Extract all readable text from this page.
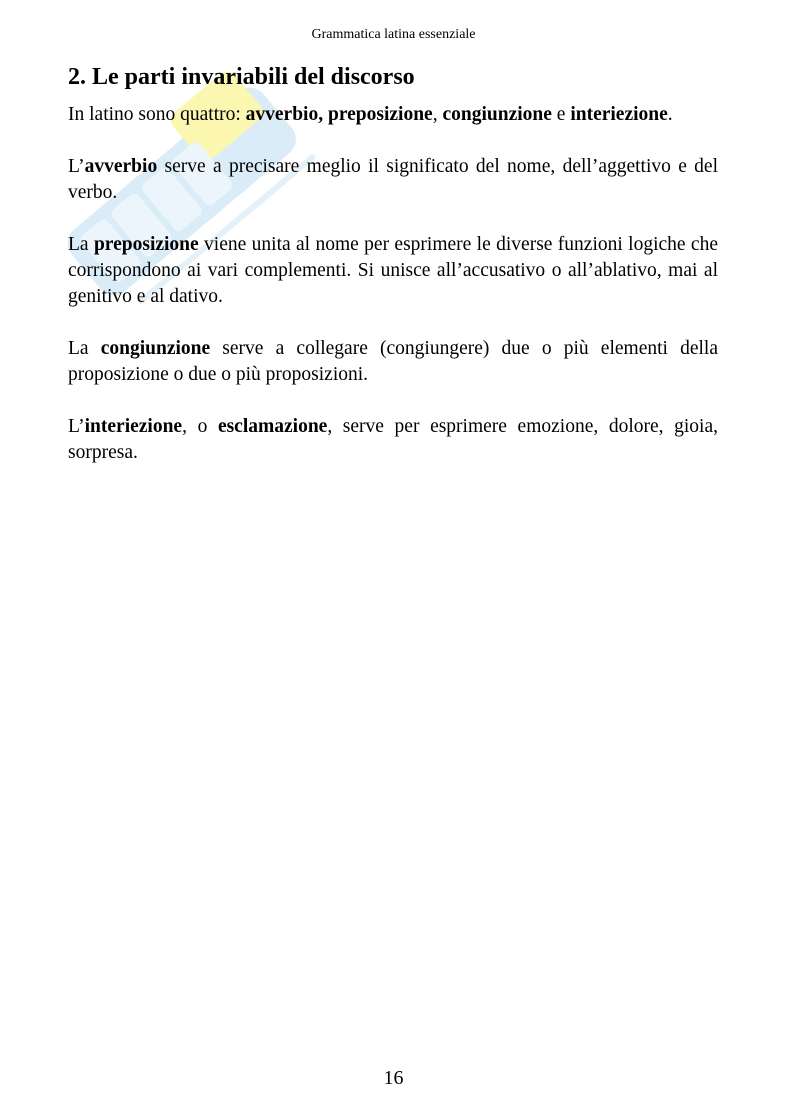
Grammatica latina essenziale
2. Le parti invariabili del discorso

In latino sono quattro: avverbio, preposizione, congiunzione e interiezione.

L’avverbio serve a precisare meglio il significato del nome, dell’aggettivo e del verbo.

La preposizione viene unita al nome per esprimere le diverse funzioni logiche che corrispondono ai vari complementi. Si unisce all’accusativo o all’ablativo, mai al genitivo e al dativo.

La congiunzione serve a collegare (congiungere) due o più elementi della proposizione o due o più proposizioni.

L’interiezione, o esclamazione, serve per esprimere emozione, dolore, gioia, sorpresa.

16
